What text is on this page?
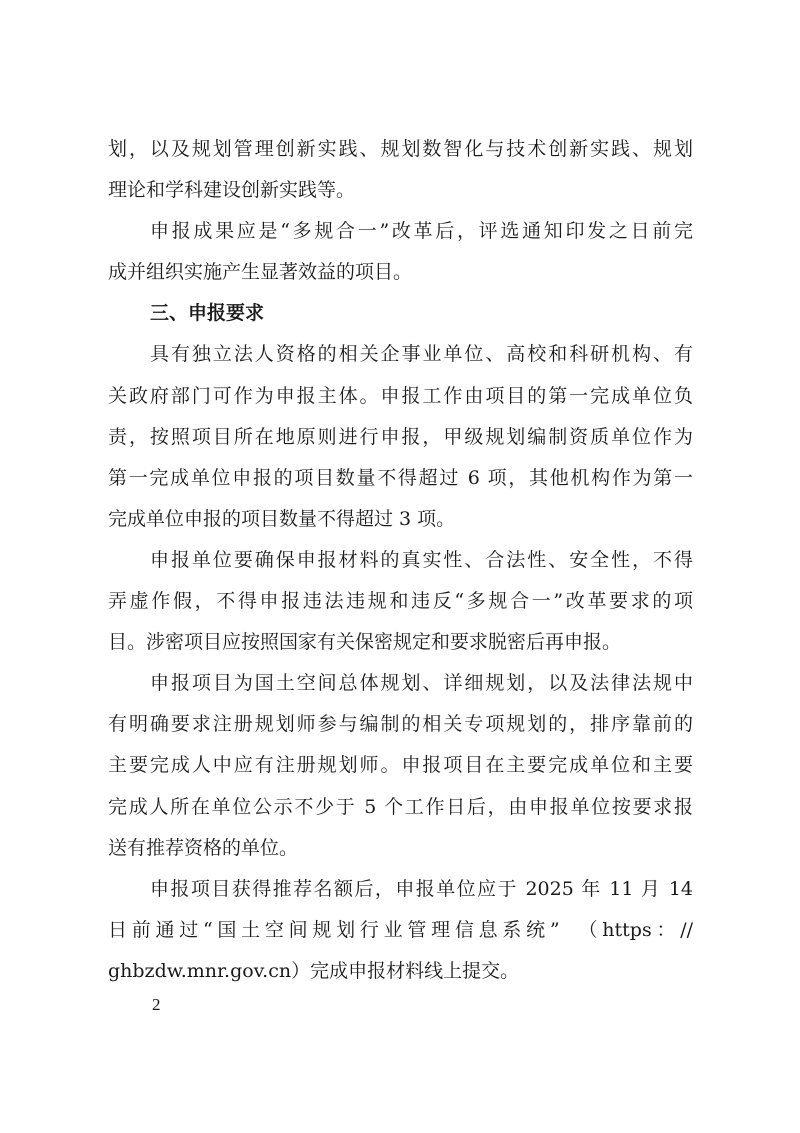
划，以及规划管理创新实践、规划数智化与技术创新实践、规划
理论和学科建设创新实践等。
申报成果应是“多规合一”改革后，评选通知印发之日前完
成并组织实施产生显著效益的项目。
三、申报要求
具有独立法人资格的相关企事业单位、高校和科研机构、有
关政府部门可作为申报主体。申报工作由项目的第一完成单位负
责，按照项目所在地原则进行申报，甲级规划编制资质单位作为
第一完成单位申报的项目数量不得超过 6 项，其他机构作为第一
完成单位申报的项目数量不得超过 3 项。
申报单位要确保申报材料的真实性、合法性、安全性，不得
弄虚作假，不得申报违法违规和违反“多规合一”改革要求的项
目。涉密项目应按照国家有关保密规定和要求脱密后再申报。
申报项目为国土空间总体规划、详细规划，以及法律法规中
有明确要求注册规划师参与编制的相关专项规划的，排序靠前的
主要完成人中应有注册规划师。申报项目在主要完成单位和主要
完成人所在单位公示不少于 5 个工作日后，由申报单位按要求报
送有推荐资格的单位。
申报项目获得推荐名额后，申报单位应于 2025 年 11 月 14
日前通过“国土空间规划行业管理信息系统”　（https：//
ghbzdw.mnr.gov.cn）完成申报材料线上提交。
2
